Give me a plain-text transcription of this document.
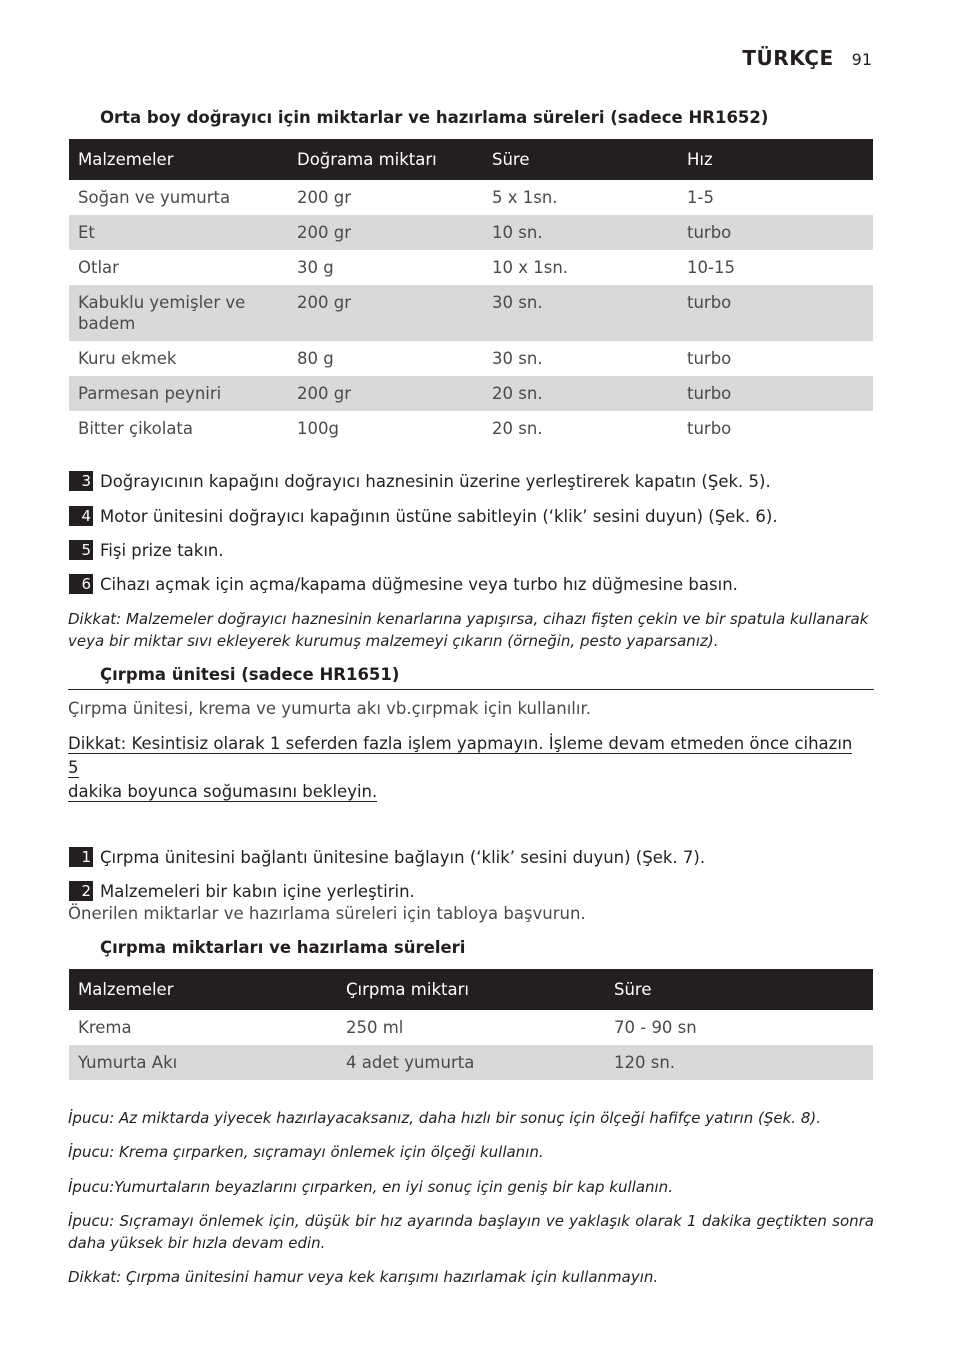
TÜRKÇE 91
Orta boy doğrayıcı için miktarlar ve hazırlama süreleri (sadece HR1652)
Malzemeler	Doğrama miktarı	Süre	Hız
Soğan ve yumurta	200 gr	5 x 1sn.	1-5
Et	200 gr	10 sn.	turbo
Otlar	30 g	10 x 1sn.	10-15
Kabuklu yemişler ve badem	200 gr	30 sn.	turbo
Kuru ekmek	80 g	30 sn.	turbo
Parmesan peyniri	200 gr	20 sn.	turbo
Bitter çikolata	100g	20 sn.	turbo
3 Doğrayıcının kapağını doğrayıcı haznesinin üzerine yerleştirerek kapatın (Şek. 5).
4 Motor ünitesini doğrayıcı kapağının üstüne sabitleyin (‘klik’ sesini duyun) (Şek. 6).
5 Fişi prize takın.
6 Cihazı açmak için açma/kapama düğmesine veya turbo hız düğmesine basın.
Dikkat: Malzemeler doğrayıcı haznesinin kenarlarına yapışırsa, cihazı fişten çekin ve bir spatula kullanarak veya bir miktar sıvı ekleyerek kurumuş malzemeyi çıkarın (örneğin, pesto yaparsanız).
Çırpma ünitesi (sadece HR1651)
Çırpma ünitesi, krema ve yumurta akı vb.çırpmak için kullanılır.
Dikkat: Kesintisiz olarak 1 seferden fazla işlem yapmayın. İşleme devam etmeden önce cihazın 5
dakika boyunca soğumasını bekleyin.
1 Çırpma ünitesini bağlantı ünitesine bağlayın (‘klik’ sesini duyun) (Şek. 7).
2 Malzemeleri bir kabın içine yerleştirin.
Önerilen miktarlar ve hazırlama süreleri için tabloya başvurun.
Çırpma miktarları ve hazırlama süreleri
Malzemeler	Çırpma miktarı	Süre
Krema	250 ml	70 - 90 sn
Yumurta Akı	4 adet yumurta	120 sn.
İpucu: Az miktarda yiyecek hazırlayacaksanız, daha hızlı bir sonuç için ölçeği hafifçe yatırın (Şek. 8).
İpucu: Krema çırparken, sıçramayı önlemek için ölçeği kullanın.
İpucu:Yumurtaların beyazlarını çırparken, en iyi sonuç için geniş bir kap kullanın.
İpucu: Sıçramayı önlemek için, düşük bir hız ayarında başlayın ve yaklaşık olarak 1 dakika geçtikten sonra daha yüksek bir hızla devam edin.
Dikkat: Çırpma ünitesini hamur veya kek karışımı hazırlamak için kullanmayın.
